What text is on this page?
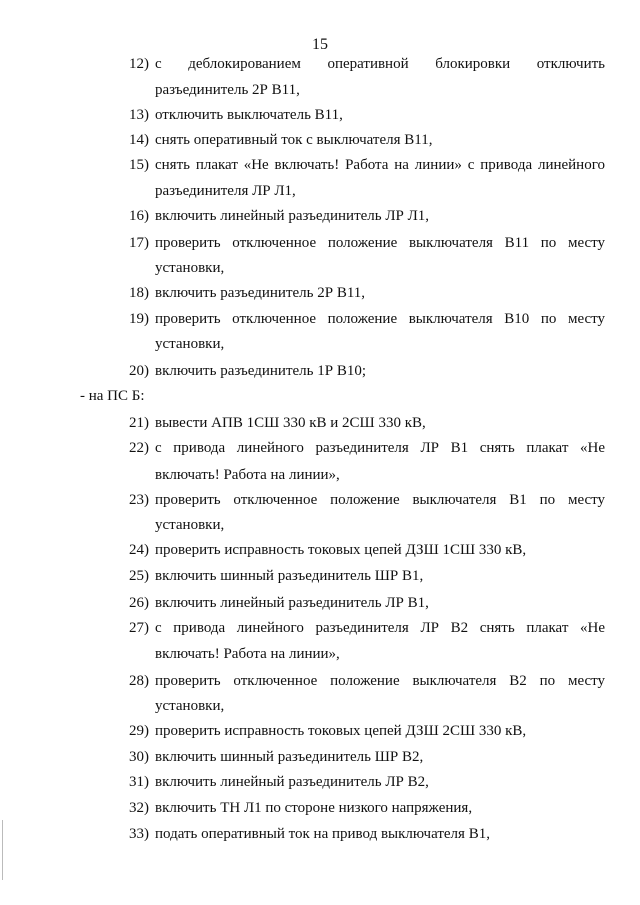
15
12) с деблокированием оперативной блокировки отключить
разъединитель 2Р В11,
13) отключить выключатель В11,
14) снять оперативный ток с выключателя В11,
15) снять плакат «Не включать! Работа на линии» с привода линейного
разъединителя ЛР Л1,
16) включить линейный разъединитель ЛР Л1,
17) проверить отключенное положение выключателя В11 по месту
установки,
18) включить разъединитель 2Р В11,
19) проверить отключенное положение выключателя В10 по месту
установки,
20) включить разъединитель 1Р В10;
- на ПС Б:
21) вывести АПВ 1СШ 330 кВ и 2СШ 330 кВ,
22) с привода линейного разъединителя ЛР В1 снять плакат «Не
включать! Работа на линии»,
23) проверить отключенное положение выключателя В1 по месту
установки,
24) проверить исправность токовых цепей ДЗШ 1СШ 330 кВ,
25) включить шинный разъединитель ШР В1,
26) включить линейный разъединитель ЛР В1,
27) с привода линейного разъединителя ЛР В2 снять плакат «Не
включать! Работа на линии»,
28) проверить отключенное положение выключателя В2 по месту
установки,
29) проверить исправность токовых цепей ДЗШ 2СШ 330 кВ,
30) включить шинный разъединитель ШР В2,
31) включить линейный разъединитель ЛР В2,
32) включить ТН Л1 по стороне низкого напряжения,
33) подать оперативный ток на привод выключателя В1,
